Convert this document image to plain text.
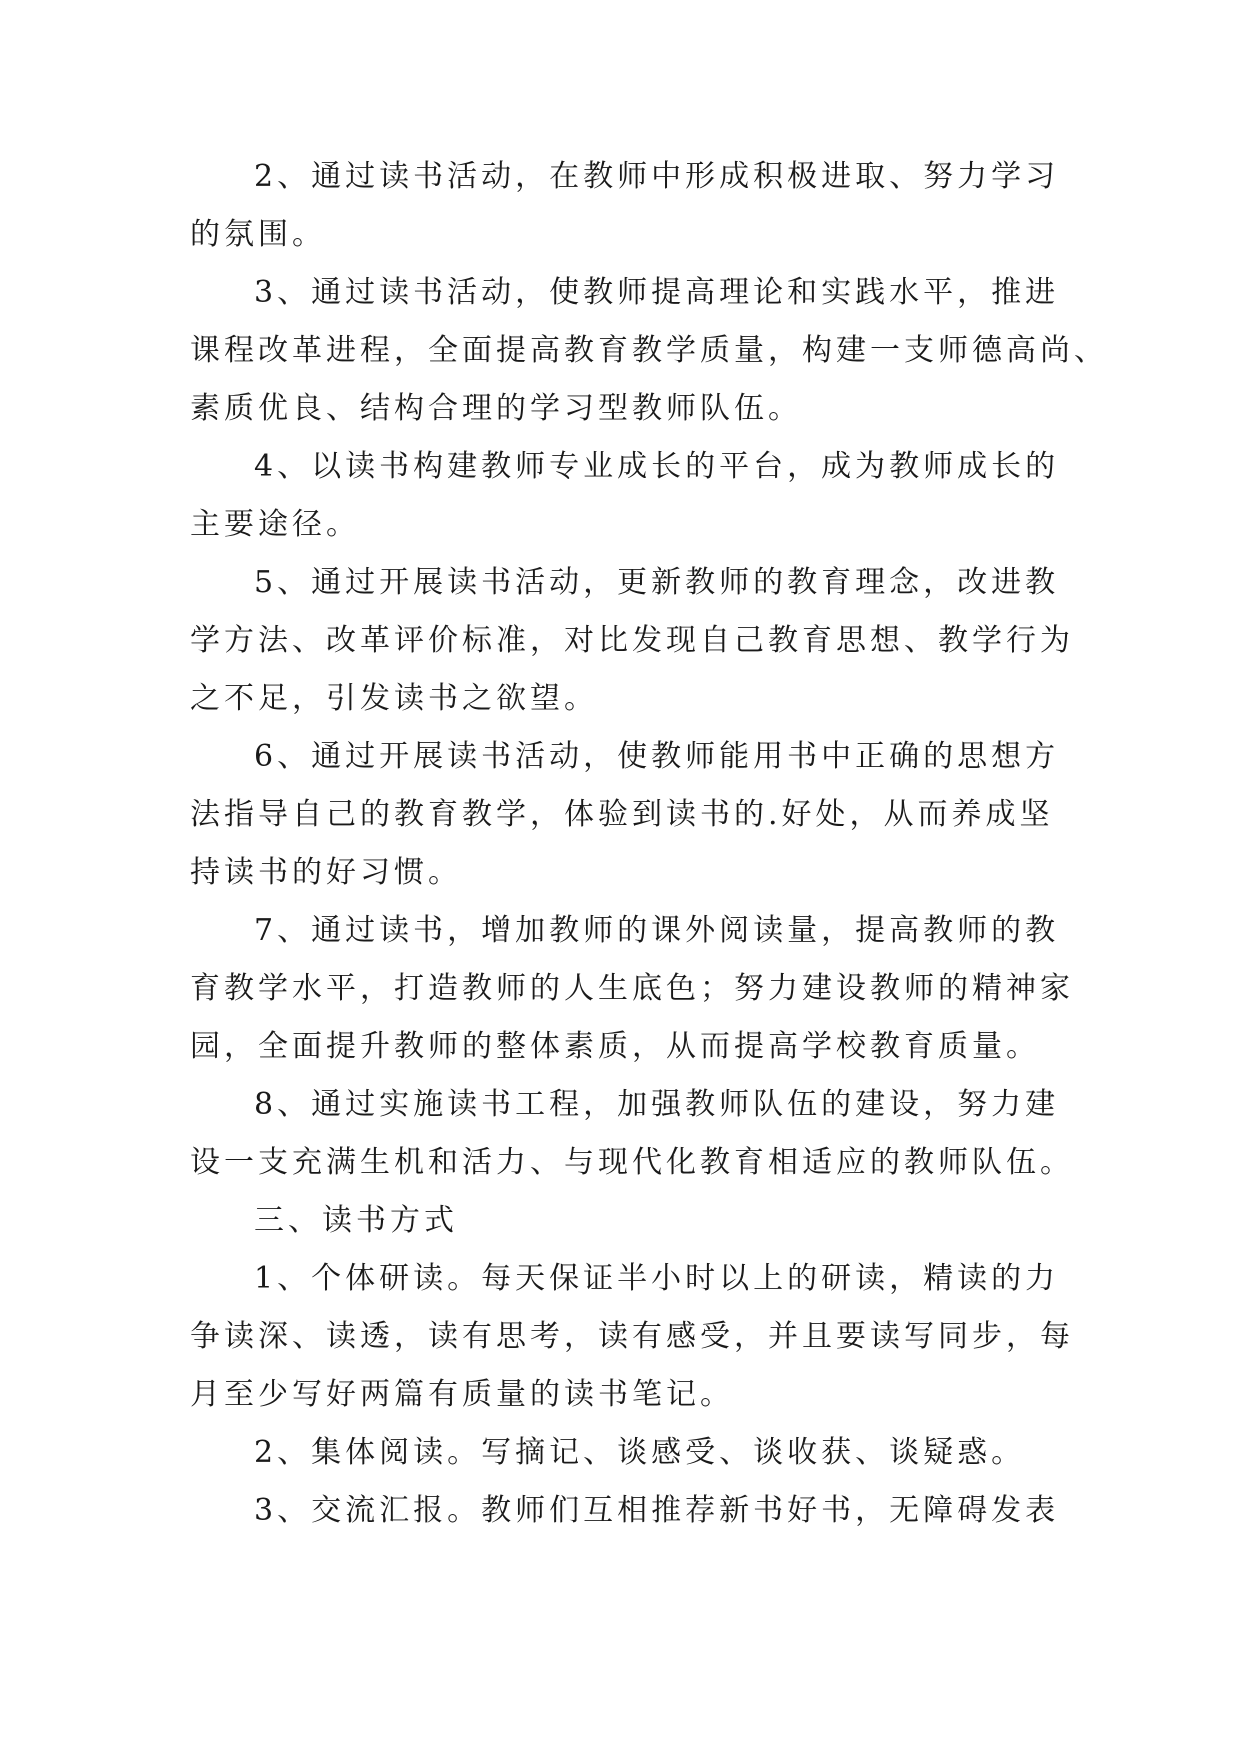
2、通过读书活动，在教师中形成积极进取、努力学习
的氛围。
3、通过读书活动，使教师提高理论和实践水平，推进
课程改革进程，全面提高教育教学质量，构建一支师德高尚、
素质优良、结构合理的学习型教师队伍。
4、以读书构建教师专业成长的平台，成为教师成长的
主要途径。
5、通过开展读书活动，更新教师的教育理念，改进教
学方法、改革评价标准，对比发现自己教育思想、教学行为
之不足，引发读书之欲望。
6、通过开展读书活动，使教师能用书中正确的思想方
法指导自己的教育教学，体验到读书的.好处，从而养成坚
持读书的好习惯。
7、通过读书，增加教师的课外阅读量，提高教师的教
育教学水平，打造教师的人生底色；努力建设教师的精神家
园，全面提升教师的整体素质，从而提高学校教育质量。
8、通过实施读书工程，加强教师队伍的建设，努力建
设一支充满生机和活力、与现代化教育相适应的教师队伍。
三、读书方式
1、个体研读。每天保证半小时以上的研读，精读的力
争读深、读透，读有思考，读有感受，并且要读写同步，每
月至少写好两篇有质量的读书笔记。
2、集体阅读。写摘记、谈感受、谈收获、谈疑惑。
3、交流汇报。教师们互相推荐新书好书，无障碍发表
